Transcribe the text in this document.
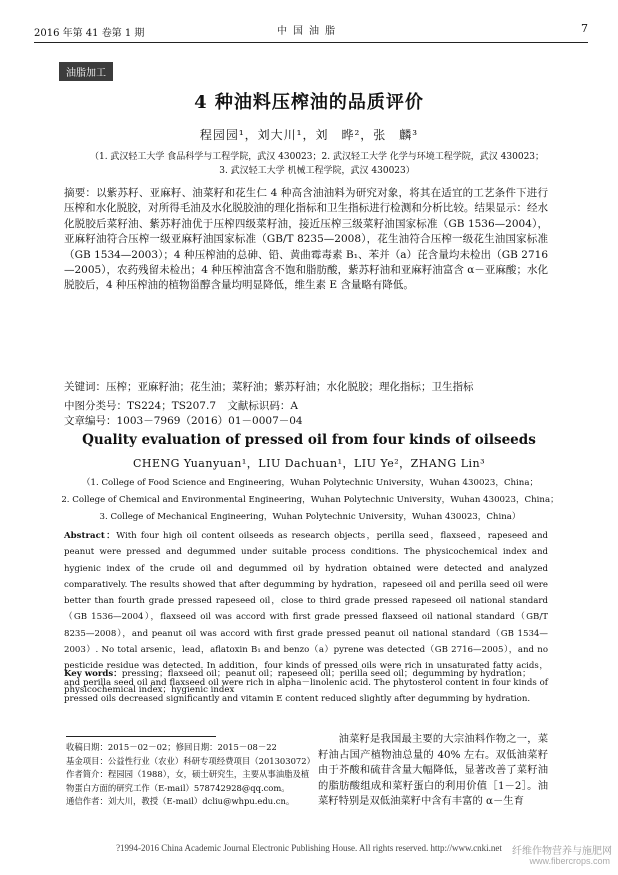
2016 年第 41 卷第 1 期	中国油脂	7
油脂加工
4 种油料压榨油的品质评价
程园园¹，刘大川¹，刘　晔²，张　麟³
（1. 武汉轻工大学 食品科学与工程学院，武汉 430023；2. 武汉轻工大学 化学与环境工程学院，武汉 430023；
3. 武汉轻工大学 机械工程学院，武汉 430023）
摘要：以紫苏籽、亚麻籽、油菜籽和花生仁 4 种高含油油料为研究对象，将其在适宜的工艺条件下进行压榨和水化脱胶，对所得毛油及水化脱胶油的理化指标和卫生指标进行检测和分析比较。结果显示：经水化脱胶后菜籽油、紫苏籽油优于压榨四级菜籽油，接近压榨三级菜籽油国家标准（GB 1536—2004），亚麻籽油符合压榨一级亚麻籽油国家标准（GB/T 8235—2008），花生油符合压榨一级花生油国家标准（GB 1534—2003）；4 种压榨油的总砷、铅、黄曲霉毒素 B₁、苯并（a）芘含量均未检出（GB 2716—2005），农药残留未检出；4 种压榨油富含不饱和脂肪酸，紫苏籽油和亚麻籽油富含 α－亚麻酸；水化脱胶后，4 种压榨油的植物甾醇含量均明显降低，维生素 E 含量略有降低。
关键词：压榨；亚麻籽油；花生油；菜籽油；紫苏籽油；水化脱胶；理化指标；卫生指标
中图分类号：TS224；TS207.7 文献标识码：A 文章编号：1003－7969（2016）01－0007－04
Quality evaluation of pressed oil from four kinds of oilseeds
CHENG Yuanyuan¹，LIU Dachuan¹，LIU Ye²，ZHANG Lin³
（1. College of Food Science and Engineering，Wuhan Polytechnic University，Wuhan 430023，China；
2. College of Chemical and Environmental Engineering，Wuhan Polytechnic University，Wuhan 430023，China；
3. College of Mechanical Engineering，Wuhan Polytechnic University，Wuhan 430023，China）
Abstract：With four high oil content oilseeds as research objects，perilla seed，flaxseed，rapeseed and peanut were pressed and degummed under suitable process conditions. The physicochemical index and hygienic index of the crude oil and degummed oil by hydration obtained were detected and analyzed comparatively. The results showed that after degumming by hydration，rapeseed oil and perilla seed oil were better than fourth grade pressed rapeseed oil，close to third grade pressed rapeseed oil national standard（GB 1536—2004），flaxseed oil was accord with first grade pressed flaxseed oil national standard（GB/T 8235—2008），and peanut oil was accord with first grade pressed peanut oil national standard（GB 1534—2003）. No total arsenic，lead，aflatoxin B₁ and benzo（a）pyrene was detected（GB 2716—2005），and no pesticide residue was detected. In addition，four kinds of pressed oils were rich in unsaturated fatty acids，and perilla seed oil and flaxseed oil were rich in alpha－linolenic acid. The phytosterol content in four kinds of pressed oils decreased significantly and vitamin E content reduced slightly after degumming by hydration.
Key words：pressing；flaxseed oil；peanut oil；rapeseed oil；perilla seed oil；degumming by hydration；physicochemical index；hygienic index
收稿日期：2015－02－02；修回日期：2015－08－22
基金项目：公益性行业（农业）科研专项经费项目（201303072）
作者简介：程园园（1988），女，硕士研究生，主要从事油脂及植物蛋白方面的研究工作（E-mail）578742928@qq.com。
通信作者：刘大川，教授（E-mail）dcliu@whpu.edu.cn。
油菜籽是我国最主要的大宗油料作物之一，菜籽油占国产植物油总量的 40% 左右。双低油菜籽由于芥酸和硫苷含量大幅降低，显著改善了菜籽油的脂肪酸组成和菜籽蛋白的利用价值［1－2］。油菜籽特别是双低油菜籽中含有丰富的 α－生育
?1994-2016 China Academic Journal Electronic Publishing House. All rights reserved. http://www.cnki.net	纤维作物营养与施肥网
www.fibercrops.com
